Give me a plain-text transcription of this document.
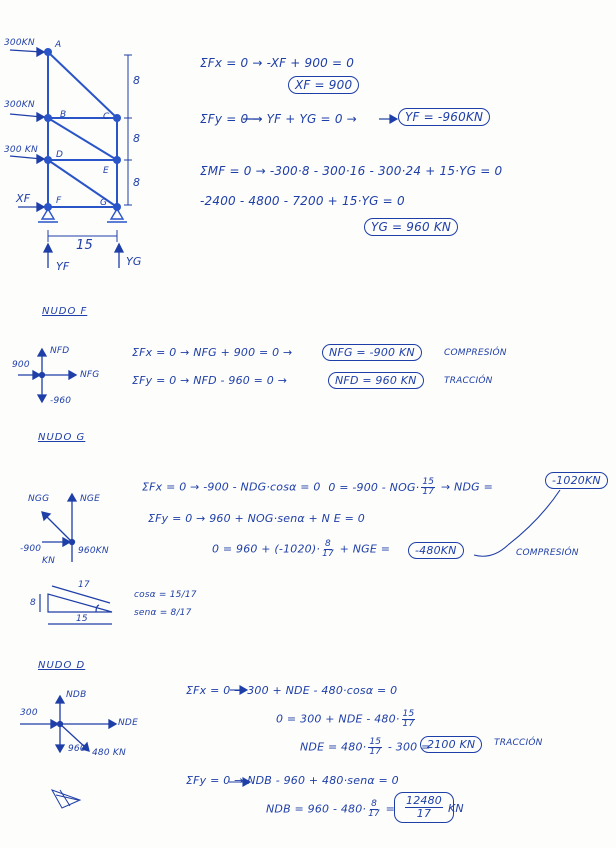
300KN
300KN
300 KN
A
B	C
D
E
F	G
8
8
8
15
XF
YF	YG
ΣFx = 0 → -XF + 900 = 0
XF = 900
ΣFy = 0 → YF + YG = 0 →	YF = -960KN
ΣMF = 0 → -300·8 - 300·16 - 300·24 + 15·YG = 0
-2400 - 4800 - 7200 + 15·YG = 0
YG = 960 KN
NUDO F
NFD
NFG
900
-960
ΣFx = 0 → NFG + 900 = 0 →	NFG = -900 KN	COMPRESIÓN
ΣFy = 0 → NFD - 960 = 0 →	NFD = 960 KN	TRACCIÓN
NUDO G
NGG	NGE
-900
KN
960KN
ΣFx = 0 → -900 - NDG·cosα = 0 $0 = -900 - NOG\cdot \frac{15}{17}$ → NDG =	-1020KN
ΣFy = 0 → 960 + NOG·senα + N E = 0
$0 = 960 + (-1020)\cdot \frac{8}{17}$ + NGE =	-480KN	COMPRESIÓN
17
8
15
cosα = 15/17
senα = 8/17
NUDO D
NDB
NDE
300
960 480 KN
ΣFx = 0 → 300 + NDE - 480·cosα = 0
0 = 300 + NDE - $480\cdot \frac{15}{17}$
NDE = $480\cdot \frac{15}{17} - 300$ =
2100 KN	TRACCIÓN
ΣFy = 0 → NDB - 960 + 480·senα = 0
NDB = $960 - 480\cdot \frac{8}{17} = \frac{12480}{17}$ KN
